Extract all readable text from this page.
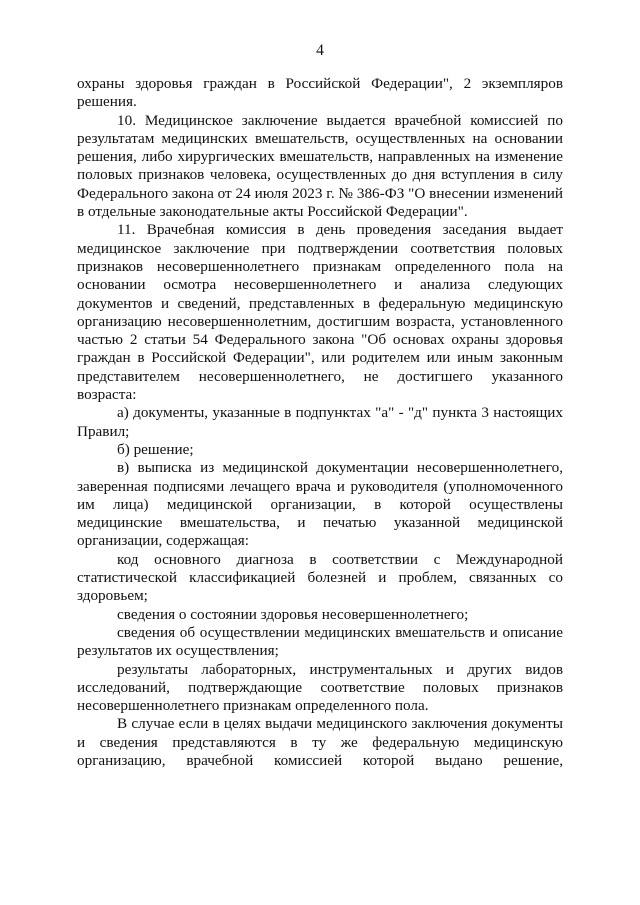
4

охраны здоровья граждан в Российской Федерации", 2 экземпляров решения.

10. Медицинское заключение выдается врачебной комиссией по результатам медицинских вмешательств, осуществленных на основании решения, либо хирургических вмешательств, направленных на изменение половых признаков человека, осуществленных до дня вступления в силу Федерального закона от 24 июля 2023 г. № 386-ФЗ "О внесении изменений в отдельные законодательные акты Российской Федерации".

11. Врачебная комиссия в день проведения заседания выдает медицинское заключение при подтверждении соответствия половых признаков несовершеннолетнего признакам определенного пола на основании осмотра несовершеннолетнего и анализа следующих документов и сведений, представленных в федеральную медицинскую организацию несовершеннолетним, достигшим возраста, установленного частью 2 статьи 54 Федерального закона "Об основах охраны здоровья граждан в Российской Федерации", или родителем или иным законным представителем несовершеннолетнего, не достигшего указанного возраста:

а) документы, указанные в подпунктах "а" - "д" пункта 3 настоящих Правил;

б) решение;

в) выписка из медицинской документации несовершеннолетнего, заверенная подписями лечащего врача и руководителя (уполномоченного им лица) медицинской организации, в которой осуществлены медицинские вмешательства, и печатью указанной медицинской организации, содержащая:

код основного диагноза в соответствии с Международной статистической классификацией болезней и проблем, связанных со здоровьем;

сведения о состоянии здоровья несовершеннолетнего;

сведения об осуществлении медицинских вмешательств и описание результатов их осуществления;

результаты лабораторных, инструментальных и других видов исследований, подтверждающие соответствие половых признаков несовершеннолетнего признакам определенного пола.

В случае если в целях выдачи медицинского заключения документы и сведения представляются в ту же федеральную медицинскую организацию, врачебной комиссией которой выдано решение,
